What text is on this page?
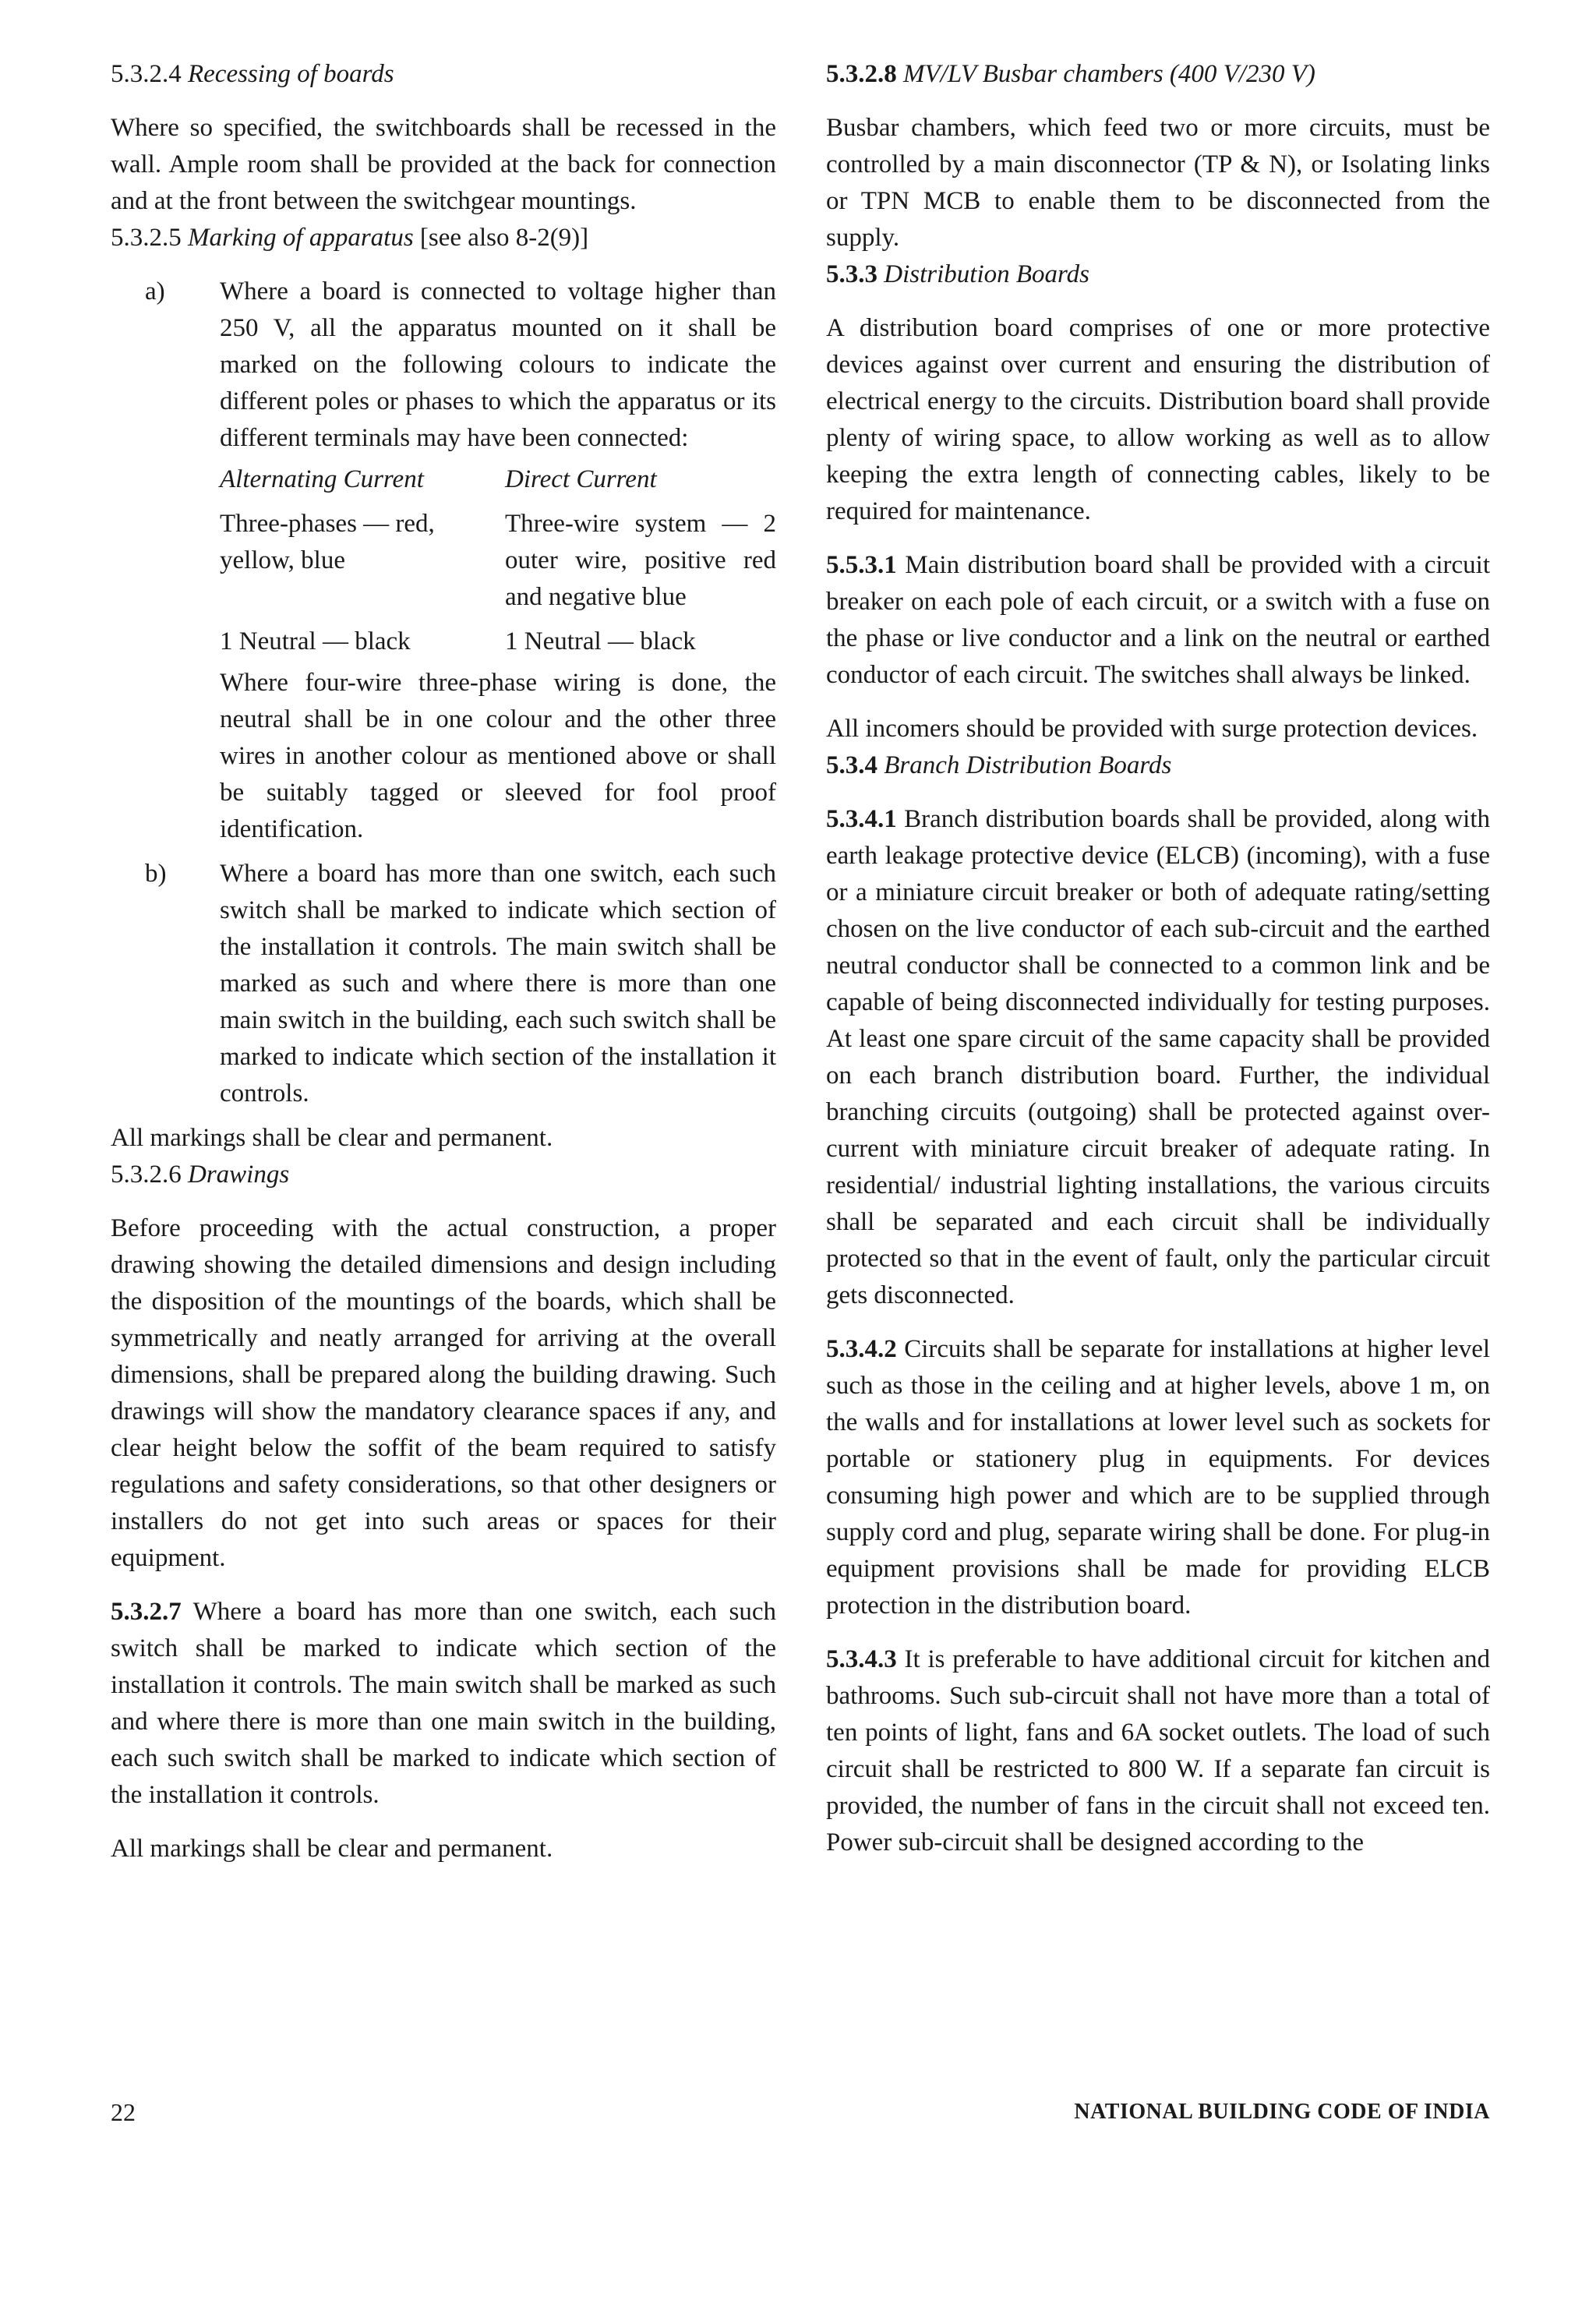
5.3.2.4 Recessing of boards

Where so specified, the switchboards shall be recessed in the wall. Ample room shall be provided at the back for connection and at the front between the switchgear mountings.

5.3.2.5 Marking of apparatus [see also 8-2(9)]

a) Where a board is connected to voltage higher than 250 V, all the apparatus mounted on it shall be marked on the following colours to indicate the different poles or phases to which the apparatus or its different terminals may have been connected:

Alternating Current	Direct Current
Three-phases — red, yellow, blue	Three-wire system — 2 outer wire, positive red and negative blue
1 Neutral — black	1 Neutral — black

Where four-wire three-phase wiring is done, the neutral shall be in one colour and the other three wires in another colour as mentioned above or shall be suitably tagged or sleeved for fool proof identification.

b) Where a board has more than one switch, each such switch shall be marked to indicate which section of the installation it controls. The main switch shall be marked as such and where there is more than one main switch in the building, each such switch shall be marked to indicate which section of the installation it controls.

All markings shall be clear and permanent.

5.3.2.6 Drawings

Before proceeding with the actual construction, a proper drawing showing the detailed dimensions and design including the disposition of the mountings of the boards, which shall be symmetrically and neatly arranged for arriving at the overall dimensions, shall be prepared along the building drawing. Such drawings will show the mandatory clearance spaces if any, and clear height below the soffit of the beam required to satisfy regulations and safety considerations, so that other designers or installers do not get into such areas or spaces for their equipment.

5.3.2.7 Where a board has more than one switch, each such switch shall be marked to indicate which section of the installation it controls. The main switch shall be marked as such and where there is more than one main switch in the building, each such switch shall be marked to indicate which section of the installation it controls.

All markings shall be clear and permanent.

5.3.2.8 MV/LV Busbar chambers (400 V/230 V)

Busbar chambers, which feed two or more circuits, must be controlled by a main disconnector (TP & N), or Isolating links or TPN MCB to enable them to be disconnected from the supply.

5.3.3 Distribution Boards

A distribution board comprises of one or more protective devices against over current and ensuring the distribution of electrical energy to the circuits. Distribution board shall provide plenty of wiring space, to allow working as well as to allow keeping the extra length of connecting cables, likely to be required for maintenance.

5.5.3.1 Main distribution board shall be provided with a circuit breaker on each pole of each circuit, or a switch with a fuse on the phase or live conductor and a link on the neutral or earthed conductor of each circuit. The switches shall always be linked.

All incomers should be provided with surge protection devices.

5.3.4 Branch Distribution Boards

5.3.4.1 Branch distribution boards shall be provided, along with earth leakage protective device (ELCB) (incoming), with a fuse or a miniature circuit breaker or both of adequate rating/setting chosen on the live conductor of each sub-circuit and the earthed neutral conductor shall be connected to a common link and be capable of being disconnected individually for testing purposes. At least one spare circuit of the same capacity shall be provided on each branch distribution board. Further, the individual branching circuits (outgoing) shall be protected against over-current with miniature circuit breaker of adequate rating. In residential/ industrial lighting installations, the various circuits shall be separated and each circuit shall be individually protected so that in the event of fault, only the particular circuit gets disconnected.

5.3.4.2 Circuits shall be separate for installations at higher level such as those in the ceiling and at higher levels, above 1 m, on the walls and for installations at lower level such as sockets for portable or stationery plug in equipments. For devices consuming high power and which are to be supplied through supply cord and plug, separate wiring shall be done. For plug-in equipment provisions shall be made for providing ELCB protection in the distribution board.

5.3.4.3 It is preferable to have additional circuit for kitchen and bathrooms. Such sub-circuit shall not have more than a total of ten points of light, fans and 6A socket outlets. The load of such circuit shall be restricted to 800 W. If a separate fan circuit is provided, the number of fans in the circuit shall not exceed ten. Power sub-circuit shall be designed according to the

22	NATIONAL BUILDING CODE OF INDIA
